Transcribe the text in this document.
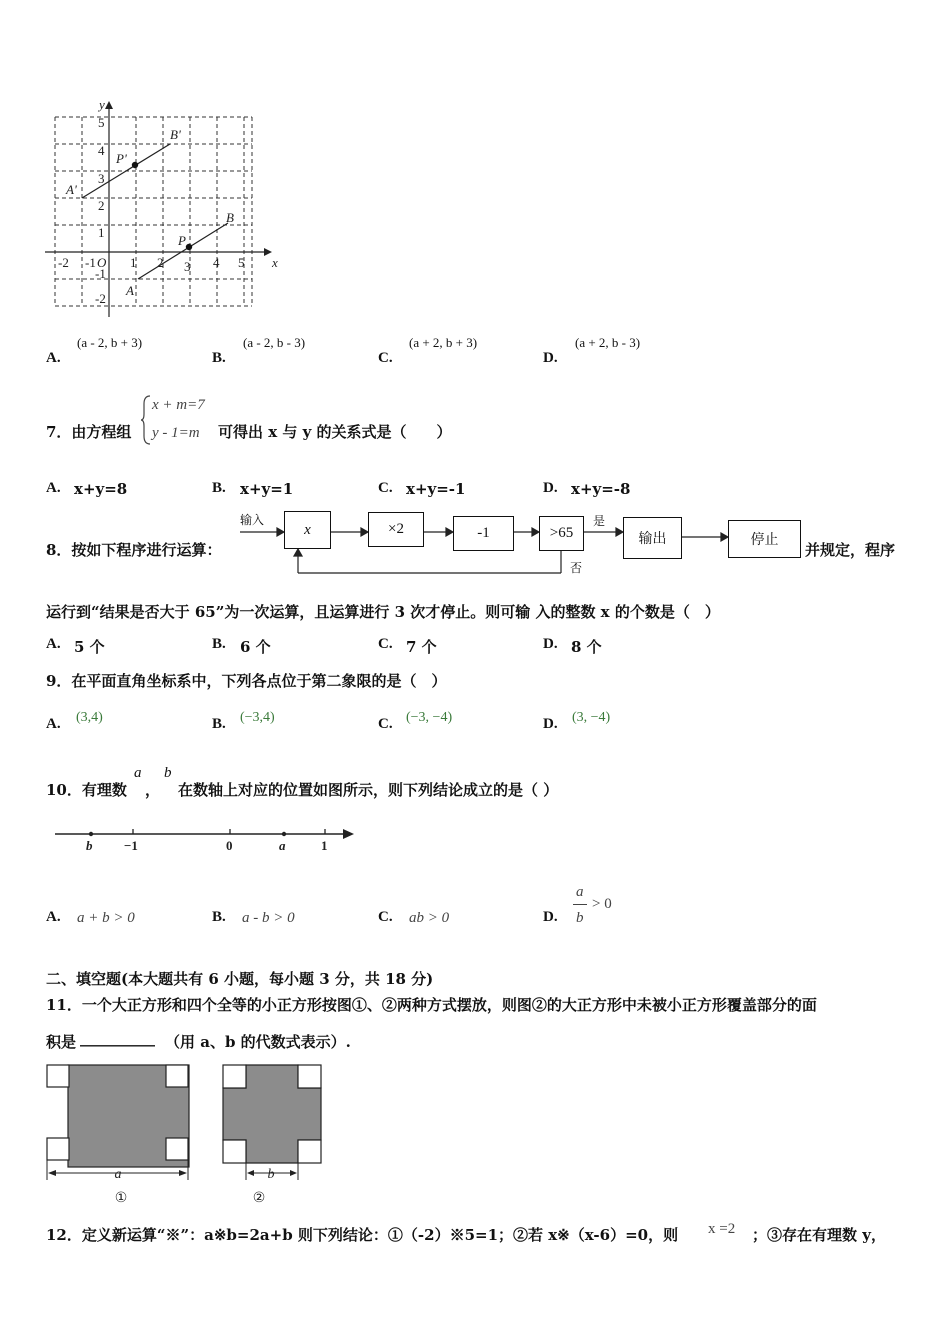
x
y
O
-2 -1	1 2 3 4 5
5
4
3
2
1
-1
-2
A
B
P
A'
B'
P'
A.
(a - 2, b + 3)
B.
(a - 2, b - 3)
C.
(a + 2, b + 3)
D.
(a + 2, b - 3)
7．由方程组
x + m=7
y - 1=m 可得出 x 与 y 的关系式是（　　）
A. x+y=8	B. x+y=1	C. x+y=-1	D. x+y=-8
8．按如下程序进行运算：
输入
x	×2	-1	>65
是
否
输出	停止
并规定，程序
运行到“结果是否大于 65”为一次运算，且运算进行 3 次才停止。则可输 入的整数 x 的个数是（　）
A. 5 个	B. 6 个	C. 7 个	D. 8 个
9．在平面直角坐标系中，下列各点位于第二象限的是（　）
A. (3,4)	B. (−3,4)	C. (−3, −4)	D. (3, −4)
10．有理数
a
，
b
在数轴上对应的位置如图所示，则下列结论成立的是（ ）
b −1	0	a	1
A. a + b > 0	B. a - b > 0	C. ab > 0	D.
a
b
> 0
二、填空题(本大题共有 6 小题，每小题 3 分，共 18 分)
11．一个大正方形和四个全等的小正方形按图①、②两种方式摆放，则图②的大正方形中未被小正方形覆盖部分的面
积是 __________ （用 a、b 的代数式表示）.
a
①
b
②
12．定义新运算“※”：a※b=2a+b 则下列结论：①（-2）※5=1；②若 x※（x-6）=0，则 x =2 ；③存在有理数 y，
